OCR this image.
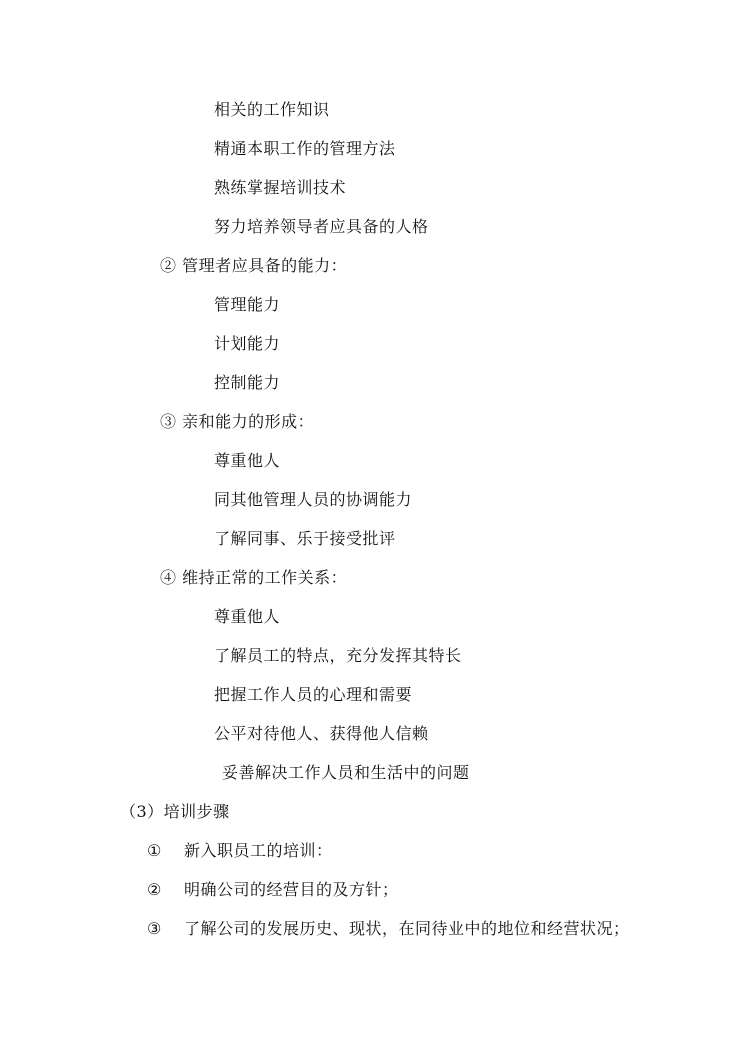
相关的工作知识
精通本职工作的管理方法
熟练掌握培训技术
努力培养领导者应具备的人格
② 管理者应具备的能力：
管理能力
计划能力
控制能力
③ 亲和能力的形成：
尊重他人
同其他管理人员的协调能力
了解同事、乐于接受批评
④ 维持正常的工作关系：
尊重他人
了解员工的特点，充分发挥其特长
把握工作人员的心理和需要
公平对待他人、获得他人信赖
妥善解决工作人员和生活中的问题
（3）培训步骤
① 新入职员工的培训：
② 明确公司的经营目的及方针；
③ 了解公司的发展历史、现状，在同待业中的地位和经营状况；
